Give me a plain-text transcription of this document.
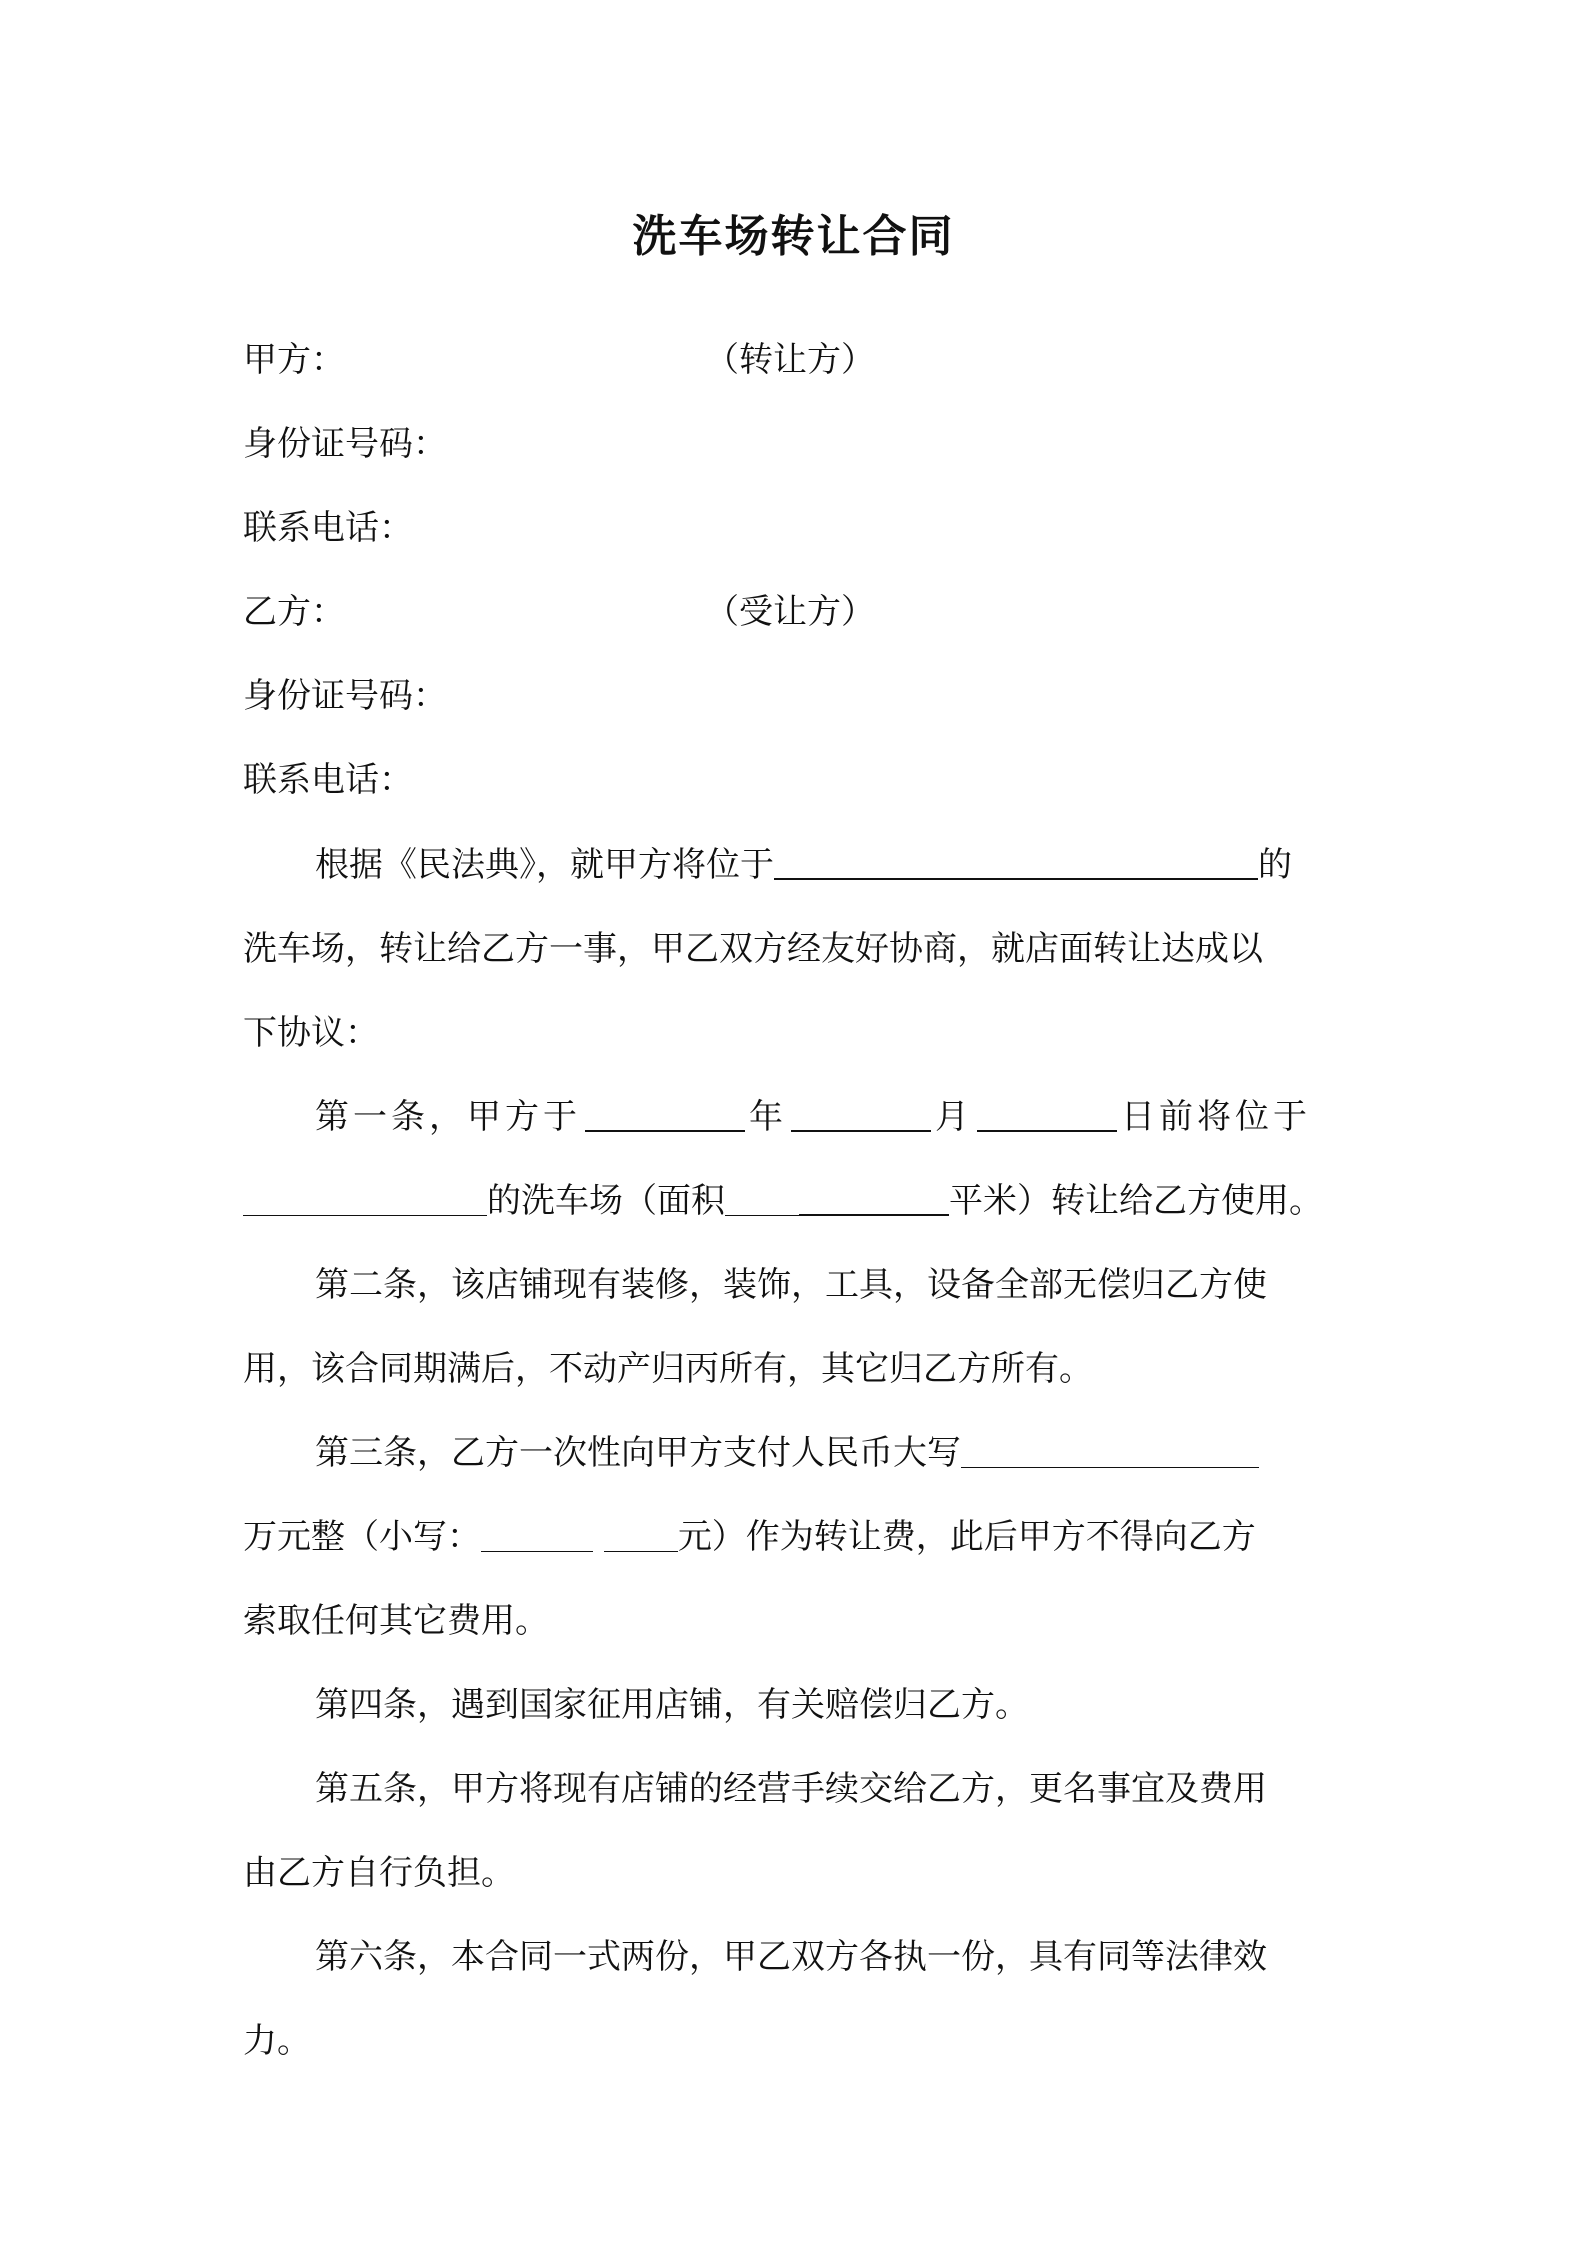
洗车场转让合同
甲方：	（转让方）
身份证号码：
联系电话：
乙方：	（受让方）
身份证号码：
联系电话：
根据《民法典》，就甲方将位于	的
洗车场，转让给乙方一事，甲乙双方经友好协商，就店面转让达成以
下协议：
第一条，甲方于	年	月	日前将位于
的洗车场（面积	平米）转让给乙方使用。
第二条，该店铺现有装修，装饰，工具，设备全部无偿归乙方使
用，该合同期满后，不动产归丙所有，其它归乙方所有。
第三条，乙方一次性向甲方支付人民币大写
万元整（小写：	元）作为转让费，此后甲方不得向乙方
索取任何其它费用。
第四条，遇到国家征用店铺，有关赔偿归乙方。
第五条，甲方将现有店铺的经营手续交给乙方，更名事宜及费用
由乙方自行负担。
第六条，本合同一式两份，甲乙双方各执一份，具有同等法律效
力。
